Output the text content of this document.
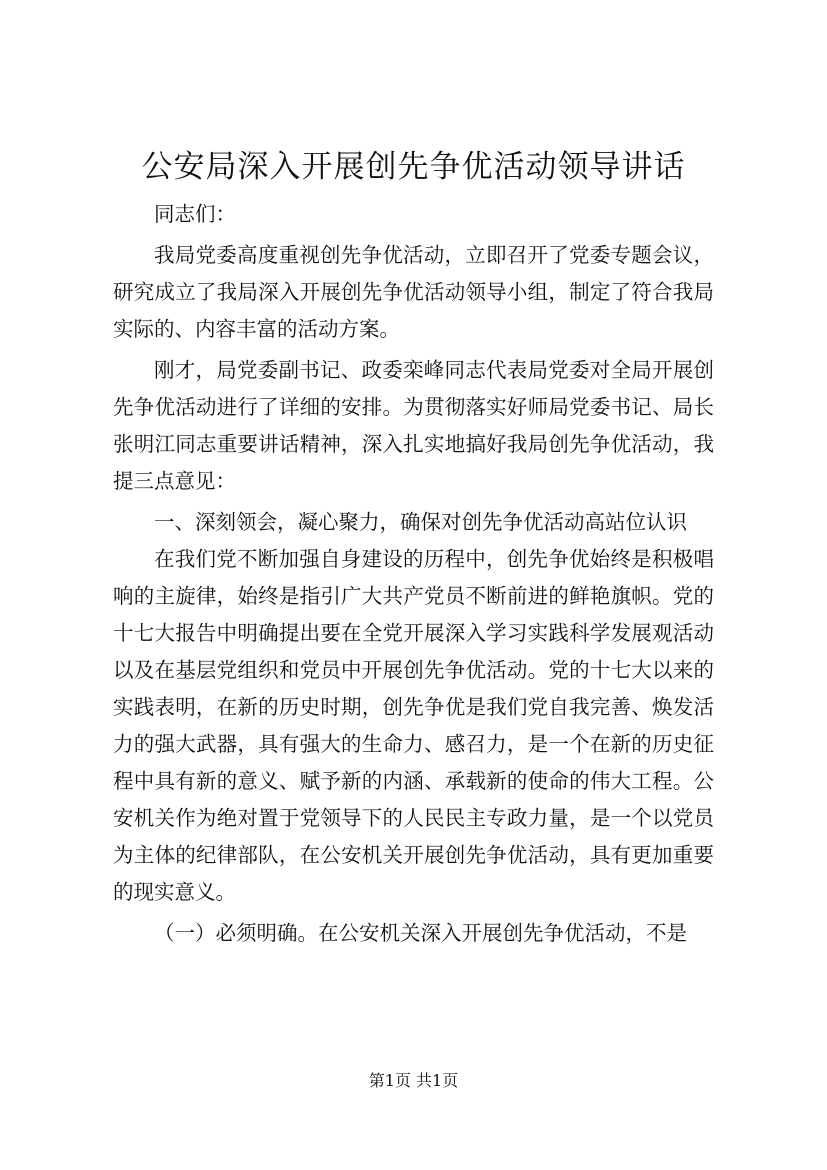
公安局深入开展创先争优活动领导讲话

同志们：

我局党委高度重视创先争优活动，立即召开了党委专题会议，研究成立了我局深入开展创先争优活动领导小组，制定了符合我局实际的、内容丰富的活动方案。

刚才，局党委副书记、政委栾峰同志代表局党委对全局开展创先争优活动进行了详细的安排。为贯彻落实好师局党委书记、局长张明江同志重要讲话精神，深入扎实地搞好我局创先争优活动，我提三点意见：

一、深刻领会，凝心聚力，确保对创先争优活动高站位认识

在我们党不断加强自身建设的历程中，创先争优始终是积极唱响的主旋律，始终是指引广大共产党员不断前进的鲜艳旗帜。党的十七大报告中明确提出要在全党开展深入学习实践科学发展观活动以及在基层党组织和党员中开展创先争优活动。党的十七大以来的实践表明，在新的历史时期，创先争优是我们党自我完善、焕发活力的强大武器，具有强大的生命力、感召力，是一个在新的历史征程中具有新的意义、赋予新的内涵、承载新的使命的伟大工程。公安机关作为绝对置于党领导下的人民民主专政力量，是一个以党员为主体的纪律部队，在公安机关开展创先争优活动，具有更加重要的现实意义。

（一）必须明确。在公安机关深入开展创先争优活动，不是

第1页 共1页
